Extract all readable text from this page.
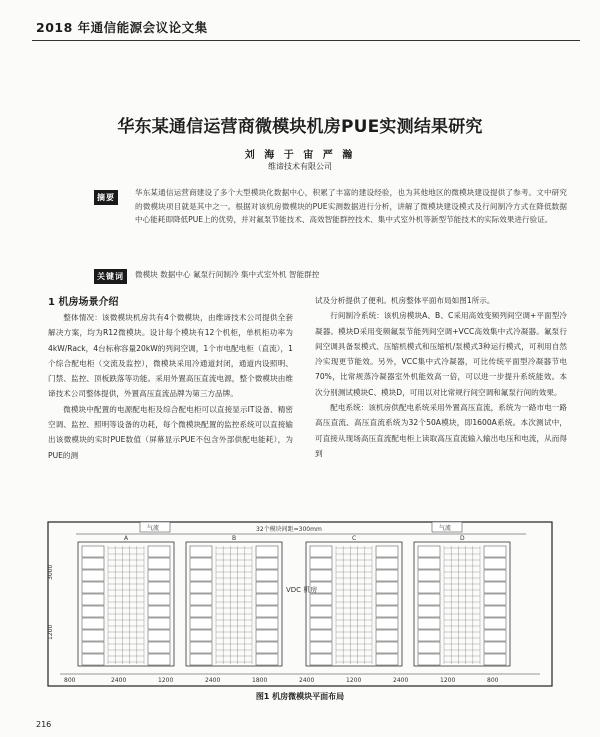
2018 年通信能源会议论文集
华东某通信运营商微模块机房PUE实测结果研究
刘 海 于 宙 严 瀚
维谛技术有限公司
摘要
华东某通信运营商建设了多个大型模块化数据中心，积累了丰富的建设经验，也为其他地区的微模块建设提供了参考。文中研究的微模块项目就是其中之一。根据对该机房微模块的PUE实测数据进行分析，讲解了微模块建设模式及行间制冷方式在降低数据中心能耗即降低PUE上的优势，并对氟泵节能技术、高效智能群控技术、集中式室外机等新型节能技术的实际效果进行验证。
关键词	微模块 数据中心 氟泵行间制冷 集中式室外机 智能群控
1 机房场景介绍

整体情况：该微模块机房共有4个微模块，由维谛技术公司提供全套解决方案，均为R12微模块。设计每个模块有12个机柜，单机柜功率为4kW/Rack，4台标称容量20kW的列间空调，1个市电配电柜（直流），1个综合配电柜（交流及监控），微模块采用冷通道封闭，通道内设照明、门禁、监控、顶板跌落等功能。采用外置高压直流电源，整个微模块由维谛技术公司整体提供，外置高压直流品牌为第三方品牌。

微模块中配置的电源配电柜及综合配电柜可以直接显示IT设备、精密空调、监控、照明等设备的功耗，每个微模块配置的监控系统可以直接输出该微模块的实时PUE数值（屏幕显示PUE不包含外部供配电能耗），为PUE的测

试及分析提供了便利。机房整体平面布局如图1所示。

行间制冷系统：该机房模块A、B、C采用高效变频列间空调+平面型冷凝器。模块D采用变频氟泵节能列间空调+VCC高效集中式冷凝器。氟泵行间空调具备泵模式、压缩机模式和压缩机/泵模式3种运行模式，可利用自然冷实现更节能效。另外，VCC集中式冷凝器，可比传统平面型冷凝器节电70%，比常规蒸冷凝器室外机能效高一倍，可以进一步提升系统能效。本次分别测试模块C、模块D，可用以对比常规行间空调和氟泵行间的效果。

配电系统：该机房供配电系统采用外置高压直流，系统为一路市电一路高压直流、高压直流系统为32个50A模块，即1600A系统。本次测试中，可直接从现场高压直流配电柜上读取高压直流输入输出电压和电流，从而得到

32个模块间距=300mm
A	B	C	D
VDC 机房
3000
1200
气流	气流
800	2400	1200	2400	1800	2400	1200	2400	1200	800
图1 机房微模块平面布局
216
